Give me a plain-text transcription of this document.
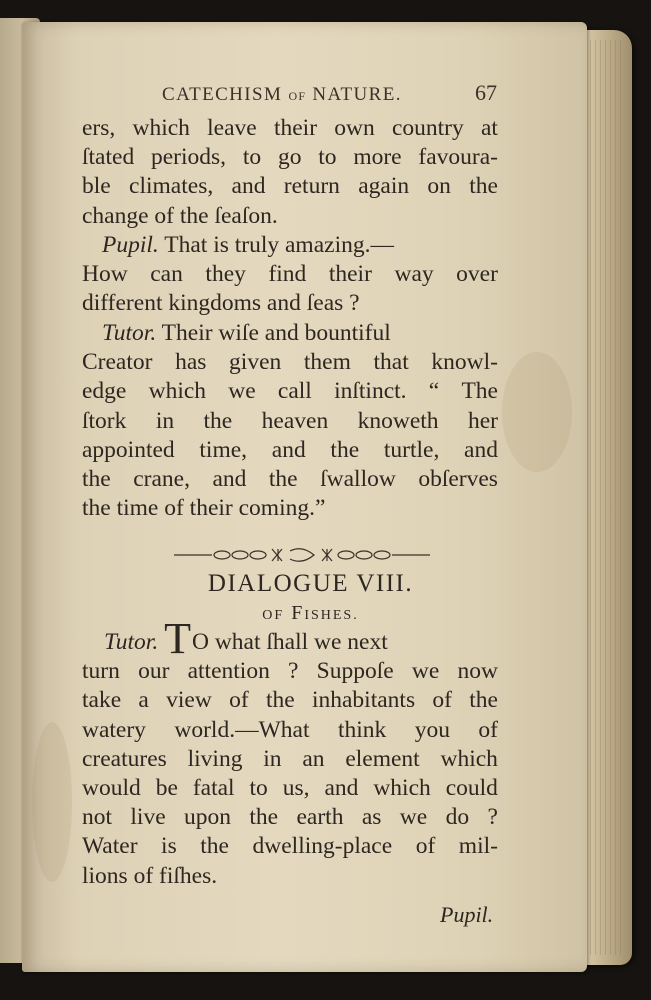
CATECHISM OF NATURE.	67
ers, which leave their own country at
ſtated periods, to go to more favoura-
ble climates, and return again on the
change of the ſeaſon.
Pupil. That is truly amazing.—
How can they find their way over
different kingdoms and ſeas ?
Tutor. Their wiſe and bountiful
Creator has given them that knowl-
edge which we call inſtinct. “ The
ſtork in the heaven knoweth her
appointed time, and the turtle, and
the crane, and the ſwallow obſerves
the time of their coming.”
DIALOGUE VIII.
OF FISHES.
Tutor. TO what ſhall we next
turn our attention ? Suppoſe we now
take a view of the inhabitants of the
watery world.—What think you of
creatures living in an element which
would be fatal to us, and which could
not live upon the earth as we do ?
Water is the dwelling-place of mil-
lions of fiſhes.
Pupil.
